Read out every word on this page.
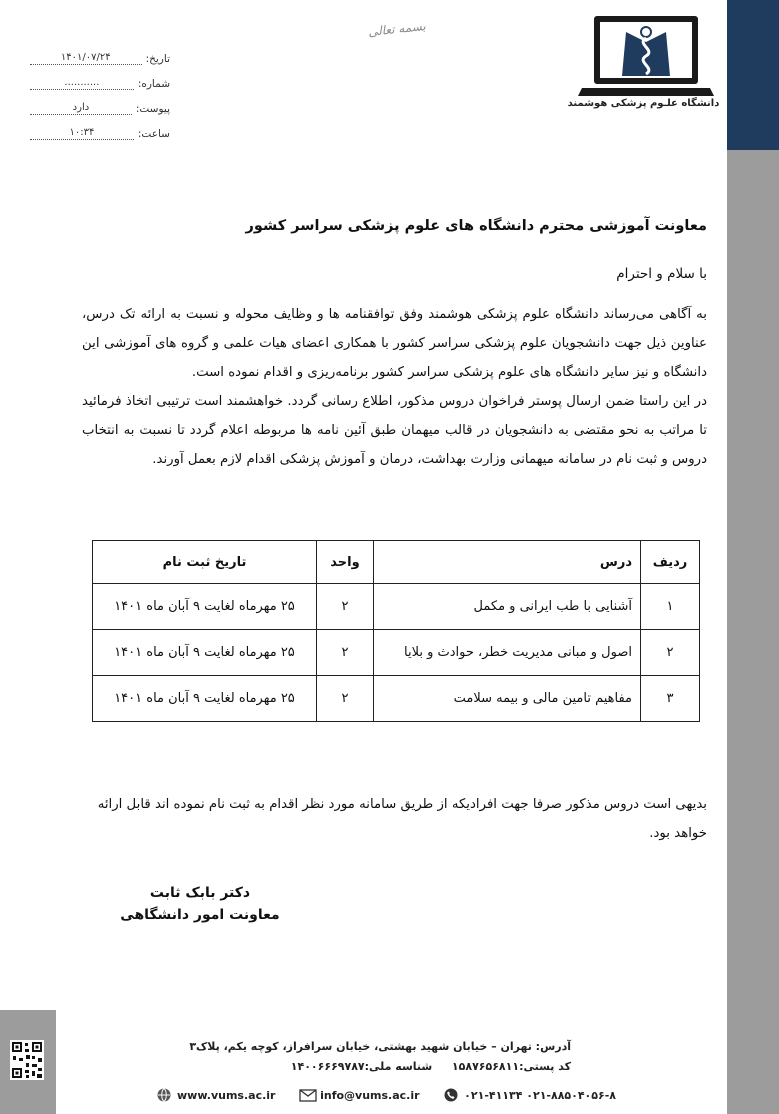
دانشگاه علـوم پزشکی هوشمند
بسمه تعالی
تاریخ:
۱۴۰۱/۰۷/۲۴
شماره:
...........
پیوست:
دارد
ساعت:
۱۰:۳۴
معاونت آموزشی محترم دانشگاه های علوم پزشکی سراسر کشور
با سلام و احترام

به آگاهی می‌رساند دانشگاه علوم پزشکی هوشمند وفق توافقنامه ها و وظایف محوله و نسبت به ارائه تک درس، عناوین ذیل جهت دانشجویان علوم پزشکی سراسر کشور با همکاری اعضای هیات علمی و گروه های آموزشی این دانشگاه و نیز سایر دانشگاه های علوم پزشکی سراسر کشور برنامه‌ریزی و اقدام نموده است.

در این راستا ضمن ارسال پوستر فراخوان دروس مذکور، اطلاع رسانی گردد. خواهشمند است ترتیبی اتخاذ فرمائید تا مراتب به نحو مقتضی به دانشجویان در قالب میهمان طبق آئین نامه ها مربوطه اعلام گردد تا نسبت به انتخاب دروس و ثبت نام در سامانه میهمانی وزارت بهداشت، درمان و آموزش پزشکی اقدام لازم بعمل آورند.

ردیف	درس	واحد	تاریخ ثبت نام
۱	آشنایی با طب ایرانی و مکمل	۲	۲۵ مهرماه لغایت ۹ آبان ماه ۱۴۰۱
۲	اصول و مبانی مدیریت خطر، حوادث و بلایا	۲	۲۵ مهرماه لغایت ۹ آبان ماه ۱۴۰۱
۳	مفاهیم تامین مالی و بیمه سلامت	۲	۲۵ مهرماه لغایت ۹ آبان ماه ۱۴۰۱
بدیهی است دروس مذکور صرفا جهت افرادیکه از طریق سامانه مورد نظر اقدام به ثبت نام نموده اند قابل ارائه خواهد بود.
دکتر بابک ثابت
معاونت امور دانشگاهی
آدرس: تهران – خیابان شهید بهشتی، خیابان سرافراز، کوچه یکم، پلاک۳
کد پستی:۱۵۸۷۶۵۶۸۱۱  شناسه ملی:۱۴۰۰۶۶۶۹۷۸۷
www.vums.ac.ir	info@vums.ac.ir	۰۲۱-۴۱۱۳۴ ۰۲۱-۸۸۵۰۴۰۵۶-۸
